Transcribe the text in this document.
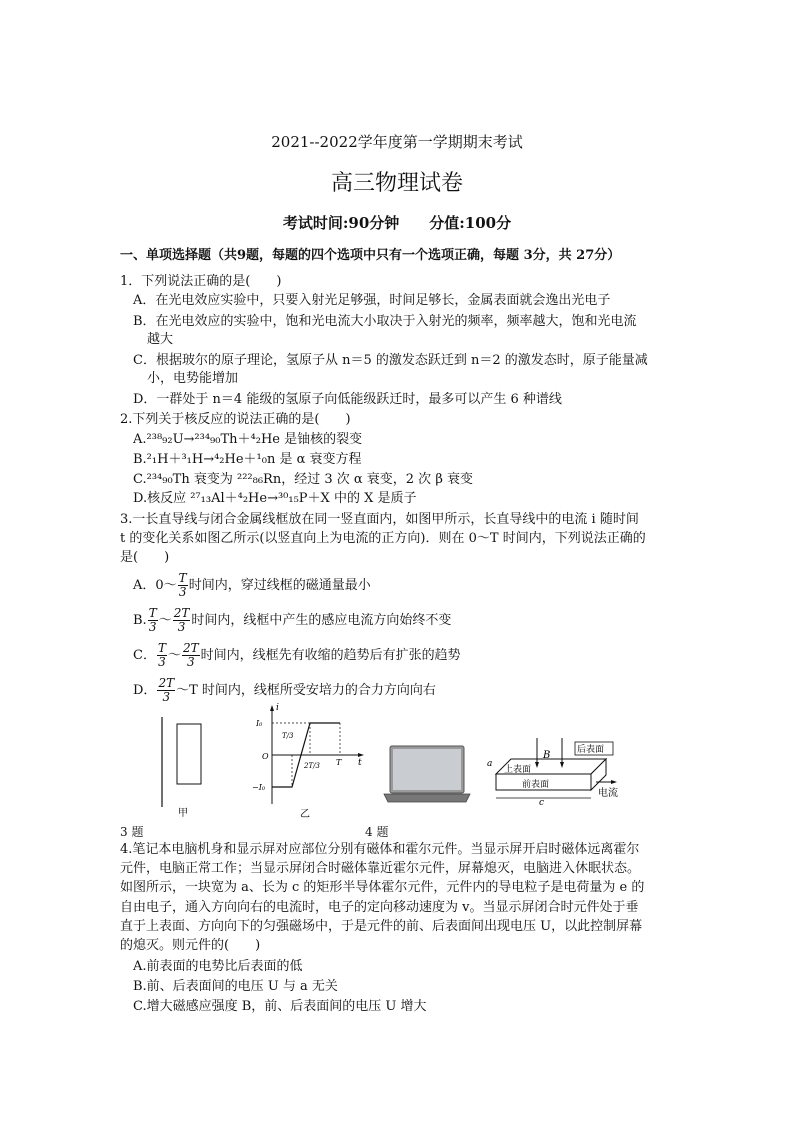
2021--2022学年度第一学期期末考试
高三物理试卷
考试时间:90分钟　　分值:100分
一、单项选择题（共9题，每题的四个选项中只有一个选项正确，每题 3分，共 27分）
1．下列说法正确的是(　　)
A．在光电效应实验中，只要入射光足够强，时间足够长，金属表面就会逸出光电子
B．在光电效应的实验中，饱和光电流大小取决于入射光的频率，频率越大，饱和光电流
越大
C．根据玻尔的原子理论，氢原子从 n＝5 的激发态跃迁到 n＝2 的激发态时，原子能量减
小，电势能增加
D．一群处于 n＝4 能级的氢原子向低能级跃迁时，最多可以产生 6 种谱线
2.下列关于核反应的说法正确的是(　　)
A.²³⁸₉₂U→²³⁴₉₀Th＋⁴₂He 是铀核的裂变
B.²₁H＋³₁H→⁴₂He＋¹₀n 是 α 衰变方程
C.²³⁴₉₀Th 衰变为 ²²²₈₆Rn，经过 3 次 α 衰变，2 次 β 衰变
D.核反应 ²⁷₁₃Al＋⁴₂He→³⁰₁₅P＋X 中的 X 是质子
3.一长直导线与闭合金属线框放在同一竖直面内，如图甲所示，长直导线中的电流 i 随时间
t 的变化关系如图乙所示(以竖直向上为电流的正方向)．则在 0～T 时间内，下列说法正确的
是(　　)
A．0～ $\frac{T}{3}$ 时间内，穿过线框的磁通量最小
B. $\frac{T}{3}$ ～ $\frac{2T}{3}$ 时间内，线框中产生的感应电流方向始终不变
C． $\frac{T}{3}$ ～ $\frac{2T}{3}$ 时间内，线框先有收缩的趋势后有扩张的趋势
D． $\frac{2T}{3}$ ～T 时间内，线框所受安培力的合力方向向右
甲
i
t
I₀
−I₀
O
T/3
2T/3 T
乙
B	后表面
上表面
前表面
a
c
电流
3 题	4 题
4.笔记本电脑机身和显示屏对应部位分别有磁体和霍尔元件。当显示屏开启时磁体远离霍尔
元件，电脑正常工作；当显示屏闭合时磁体靠近霍尔元件，屏幕熄灭，电脑进入休眠状态。
如图所示，一块宽为 a、长为 c 的矩形半导体霍尔元件，元件内的导电粒子是电荷量为 e 的
自由电子，通入方向向右的电流时，电子的定向移动速度为 v。当显示屏闭合时元件处于垂
直于上表面、方向向下的匀强磁场中，于是元件的前、后表面间出现电压 U，以此控制屏幕
的熄灭。则元件的(　　)
A.前表面的电势比后表面的低
B.前、后表面间的电压 U 与 a 无关
C.增大磁感应强度 B，前、后表面间的电压 U 增大
